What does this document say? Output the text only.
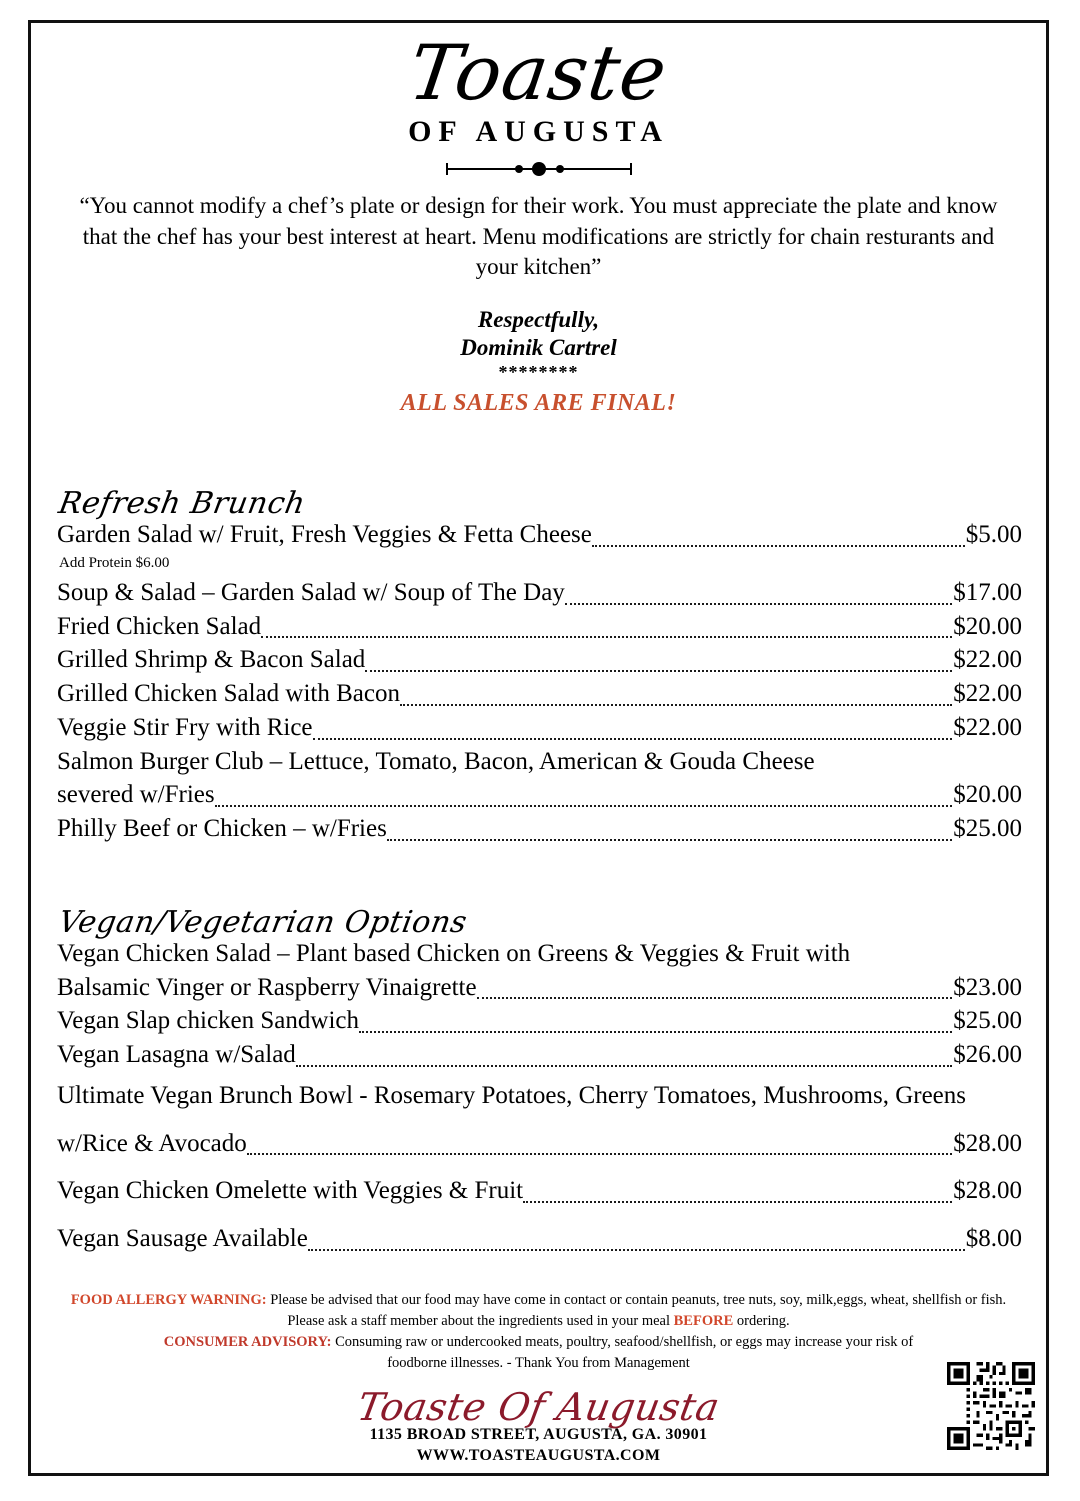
Toaste
OF AUGUSTA
“You cannot modify a chef’s plate or design for their work. You must appreciate the plate and know that the chef has your best interest at heart. Menu modifications are strictly for chain resturants and your kitchen”
Respectfully,
Dominik Cartrel
********
ALL SALES ARE FINAL!
Refresh Brunch
Garden Salad w/ Fruit, Fresh Veggies & Fetta Cheese	$5.00
Add Protein $6.00
Soup & Salad – Garden Salad w/ Soup of The Day	$17.00
Fried Chicken Salad	$20.00
Grilled Shrimp & Bacon Salad	$22.00
Grilled Chicken Salad with Bacon	$22.00
Veggie Stir Fry with Rice	$22.00
Salmon Burger Club – Lettuce, Tomato, Bacon, American & Gouda Cheese
severed w/Fries	$20.00
Philly Beef or Chicken – w/Fries	$25.00
Vegan/Vegetarian Options
Vegan Chicken Salad – Plant based Chicken on Greens & Veggies & Fruit with
Balsamic Vinger or Raspberry Vinaigrette	$23.00
Vegan Slap chicken Sandwich	$25.00
Vegan Lasagna w/Salad	$26.00
Ultimate Vegan Brunch Bowl - Rosemary Potatoes, Cherry Tomatoes, Mushrooms, Greens
w/Rice & Avocado	$28.00
Vegan Chicken Omelette with Veggies & Fruit	$28.00
Vegan Sausage Available	$8.00
FOOD ALLERGY WARNING: Please be advised that our food may have come in contact or contain peanuts, tree nuts, soy, milk,eggs, wheat, shellfish or fish.
Please ask a staff member about the ingredients used in your meal BEFORE ordering.
CONSUMER ADVISORY: Consuming raw or undercooked meats, poultry, seafood/shellfish, or eggs may increase your risk of
foodborne illnesses. - Thank You from Management
Toaste Of Augusta
1135 BROAD STREET, AUGUSTA, GA. 30901
WWW.TOASTEAUGUSTA.COM
